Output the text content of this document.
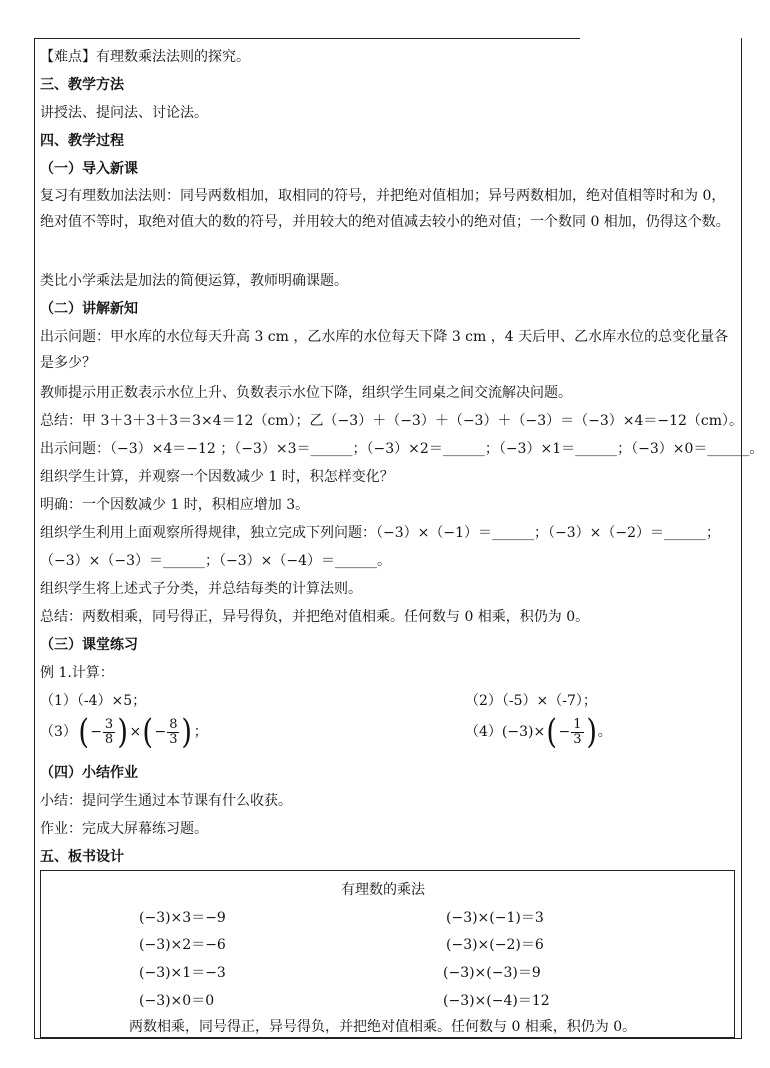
【难点】有理数乘法法则的探究。
三、教学方法
讲授法、提问法、讨论法。
四、教学过程
（一）导入新课
复习有理数加法法则：同号两数相加，取相同的符号，并把绝对值相加；异号两数相加，绝对值相等时和为 0，绝对值不等时，取绝对值大的数的符号，并用较大的绝对值减去较小的绝对值；一个数同 0 相加，仍得这个数。
类比小学乘法是加法的简便运算，教师明确课题。
（二）讲解新知
出示问题：甲水库的水位每天升高 3 cm ，乙水库的水位每天下降 3 cm ，4 天后甲、乙水库水位的总变化量各是多少？
教师提示用正数表示水位上升、负数表示水位下降，组织学生同桌之间交流解决问题。
总结：甲 3＋3＋3＋3＝3×4＝12（cm）；乙（−3）＋（−3）＋（−3）＋（−3）＝（−3）×4＝−12（cm）。
出示问题：（−3）×4＝−12 ；（−3）×3＝______；（−3）×2＝______；（−3）×1＝______；（−3）×0＝______。
组织学生计算，并观察一个因数减少 1 时，积怎样变化？
明确：一个因数减少 1 时，积相应增加 3。
组织学生利用上面观察所得规律，独立完成下列问题：（−3）×（−1）＝______；（−3）×（−2）＝______；
（−3）×（−3）＝______；（−3）×（−4）＝______。
组织学生将上述式子分类，并总结每类的计算法则。
总结：两数相乘，同号得正，异号得负，并把绝对值相乘。任何数与 0 相乘，积仍为 0。
（三）课堂练习
例 1.计算：
（1）（-4）×5；	（2）（-5）×（-7）；
（3） ( − $\frac{3}{8}$ ) × ( − $\frac{8}{3}$ ) ；	（4）(−3)× ( − $\frac{1}{3}$ ) 。
（四）小结作业
小结：提问学生通过本节课有什么收获。
作业：完成大屏幕练习题。
五、板书设计
有理数的乘法
(−3)×3＝−9
(−3)×2＝−6
(−3)×1＝−3
(−3)×0＝0
(−3)×(−1)＝3
(−3)×(−2)＝6
(−3)×(−3)＝9
(−3)×(−4)＝12
两数相乘，同号得正，异号得负，并把绝对值相乘。任何数与 0 相乘，积仍为 0。
